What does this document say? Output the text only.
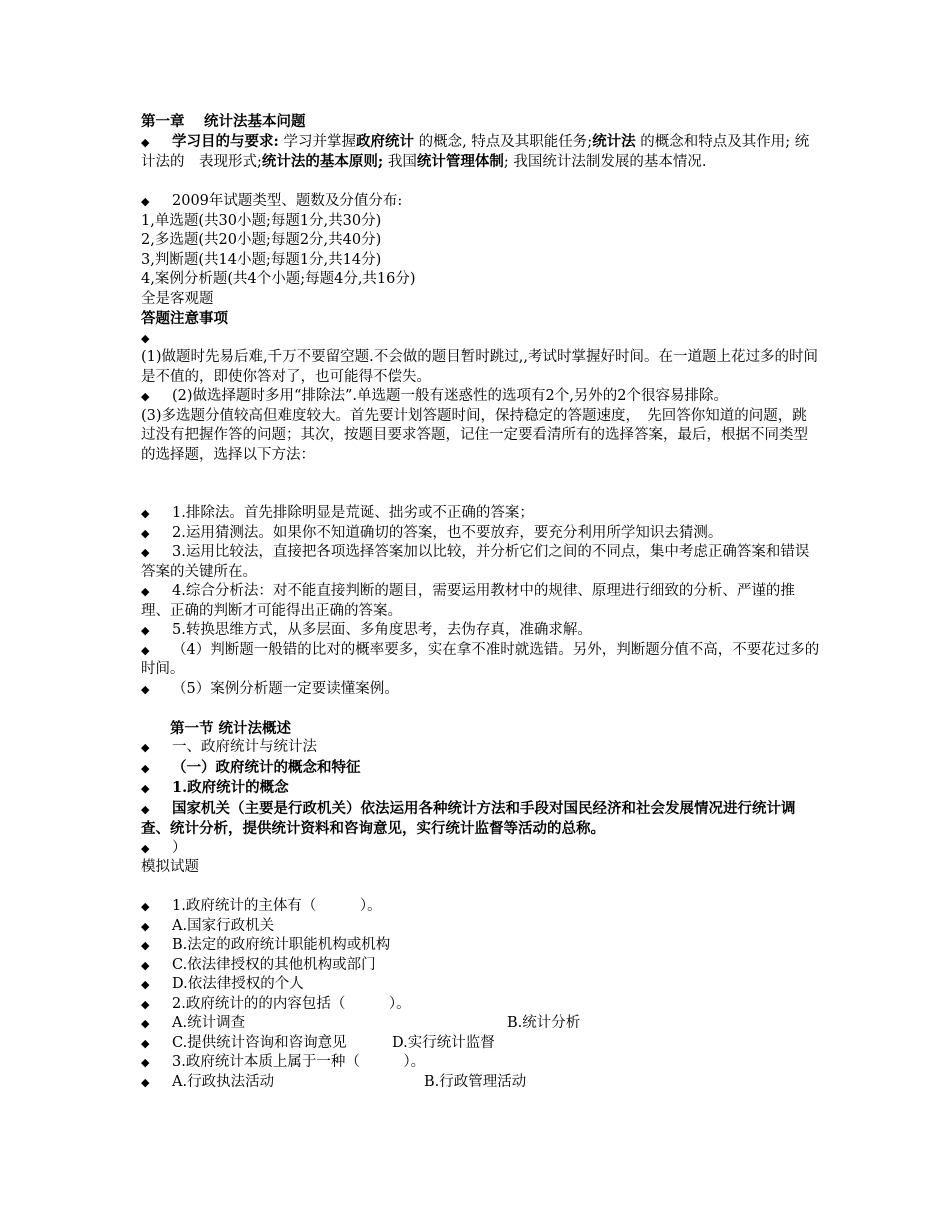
第一章　 统计法基本问题
◆ 学习目的与要求: 学习并掌握政府统计 的概念, 特点及其职能任务;统计法 的概念和特点及其作用; 统计法的　表现形式;统计法的基本原则; 我国统计管理体制; 我国统计法制发展的基本情况.
◆ 2009年试题类型、题数及分值分布:
1,单选题(共30小题;每题1分,共30分)
2,多选题(共20小题;每题2分,共40分)
3,判断题(共14小题;每题1分,共14分)
4,案例分析题(共4个小题;每题4分,共16分)
全是客观题
答题注意事项
◆
(1)做题时先易后难,千万不要留空题.不会做的题目暂时跳过,,考试时掌握好时间。在一道题上花过多的时间是不值的，即使你答对了，也可能得不偿失。
◆ (2)做选择题时多用“排除法”.单选题一般有迷惑性的选项有2个,另外的2个很容易排除。
(3)多选题分值较高但难度较大。首先要计划答题时间，保持稳定的答题速度，　先回答你知道的问题，跳过没有把握作答的问题；其次，按题目要求答题，记住一定要看清所有的选择答案，最后，根据不同类型的选择题，选择以下方法：
◆ 1.排除法。首先排除明显是荒诞、拙劣或不正确的答案；
◆ 2.运用猜测法。如果你不知道确切的答案，也不要放弃，要充分利用所学知识去猜测。
◆ 3.运用比较法，直接把各项选择答案加以比较，并分析它们之间的不同点，集中考虑正确答案和错误答案的关键所在。
◆ 4.综合分析法：对不能直接判断的题目，需要运用教材中的规律、原理进行细致的分析、严谨的推理、正确的判断才可能得出正确的答案。
◆ 5.转换思维方式，从多层面、多角度思考，去伪存真，准确求解。
◆ （4）判断题一般错的比对的概率要多，实在拿不准时就选错。另外，判断题分值不高，不要花过多的时间。
◆ （5）案例分析题一定要读懂案例。
第一节 统计法概述
◆ 一、政府统计与统计法
◆ （一）政府统计的概念和特征
◆ 1.政府统计的概念
◆ 国家机关（主要是行政机关）依法运用各种统计方法和手段对国民经济和社会发展情况进行统计调查、统计分析，提供统计资料和咨询意见，实行统计监督等活动的总称。
◆ ）
模拟试题
◆ 1.政府统计的主体有（　　　）。
◆ A.国家行政机关
◆ B.法定的政府统计职能机构或机构
◆ C.依法律授权的其他机构或部门
◆ D.依法律授权的个人
◆ 2.政府统计的的内容包括（　　　）。
◆ A.统计调查	B.统计分析
◆ C.提供统计咨询和咨询意见	D.实行统计监督
◆ 3.政府统计本质上属于一种（　　　）。
◆ A.行政执法活动	B.行政管理活动
